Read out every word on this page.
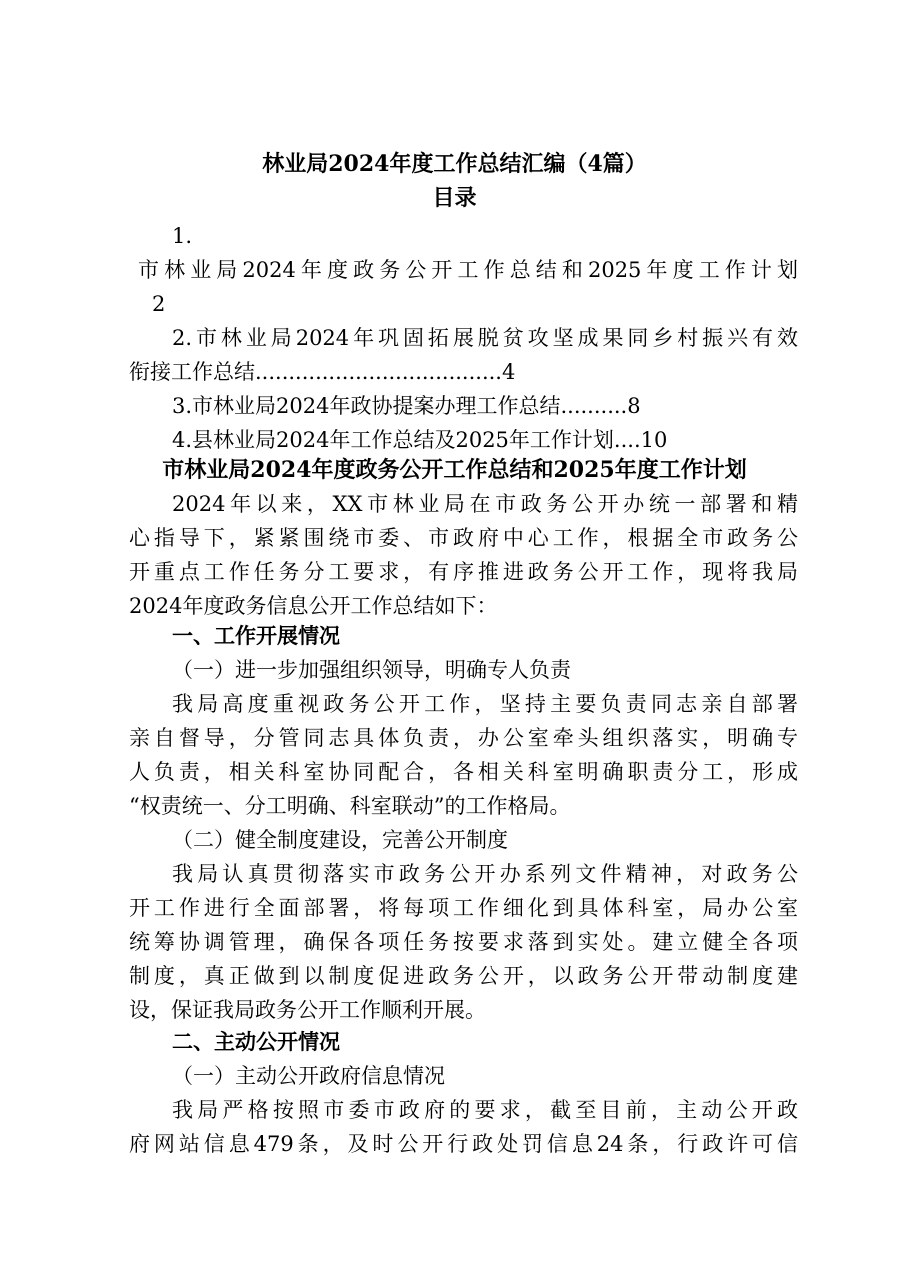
林业局2024年度工作总结汇编（4篇）
目录
1.
市林业局2024年度政务公开工作总结和2025年度工作计划
2
2.市林业局2024年巩固拓展脱贫攻坚成果同乡村振兴有效
衔接工作总结.....................................4
3.市林业局2024年政协提案办理工作总结..........8
4.县林业局2024年工作总结及2025年工作计划....10
市林业局2024年度政务公开工作总结和2025年度工作计划
2024年以来，XX市林业局在市政务公开办统一部署和精
心指导下，紧紧围绕市委、市政府中心工作，根据全市政务公
开重点工作任务分工要求，有序推进政务公开工作，现将我局
2024年度政务信息公开工作总结如下：
一、工作开展情况
（一）进一步加强组织领导，明确专人负责
我局高度重视政务公开工作，坚持主要负责同志亲自部署
亲自督导，分管同志具体负责，办公室牵头组织落实，明确专
人负责，相关科室协同配合，各相关科室明确职责分工，形成
“权责统一、分工明确、科室联动”的工作格局。
（二）健全制度建设，完善公开制度
我局认真贯彻落实市政务公开办系列文件精神，对政务公
开工作进行全面部署，将每项工作细化到具体科室，局办公室
统筹协调管理，确保各项任务按要求落到实处。建立健全各项
制度，真正做到以制度促进政务公开，以政务公开带动制度建
设，保证我局政务公开工作顺利开展。
二、主动公开情况
（一）主动公开政府信息情况
我局严格按照市委市政府的要求，截至目前，主动公开政
府网站信息479条，及时公开行政处罚信息24条，行政许可信
